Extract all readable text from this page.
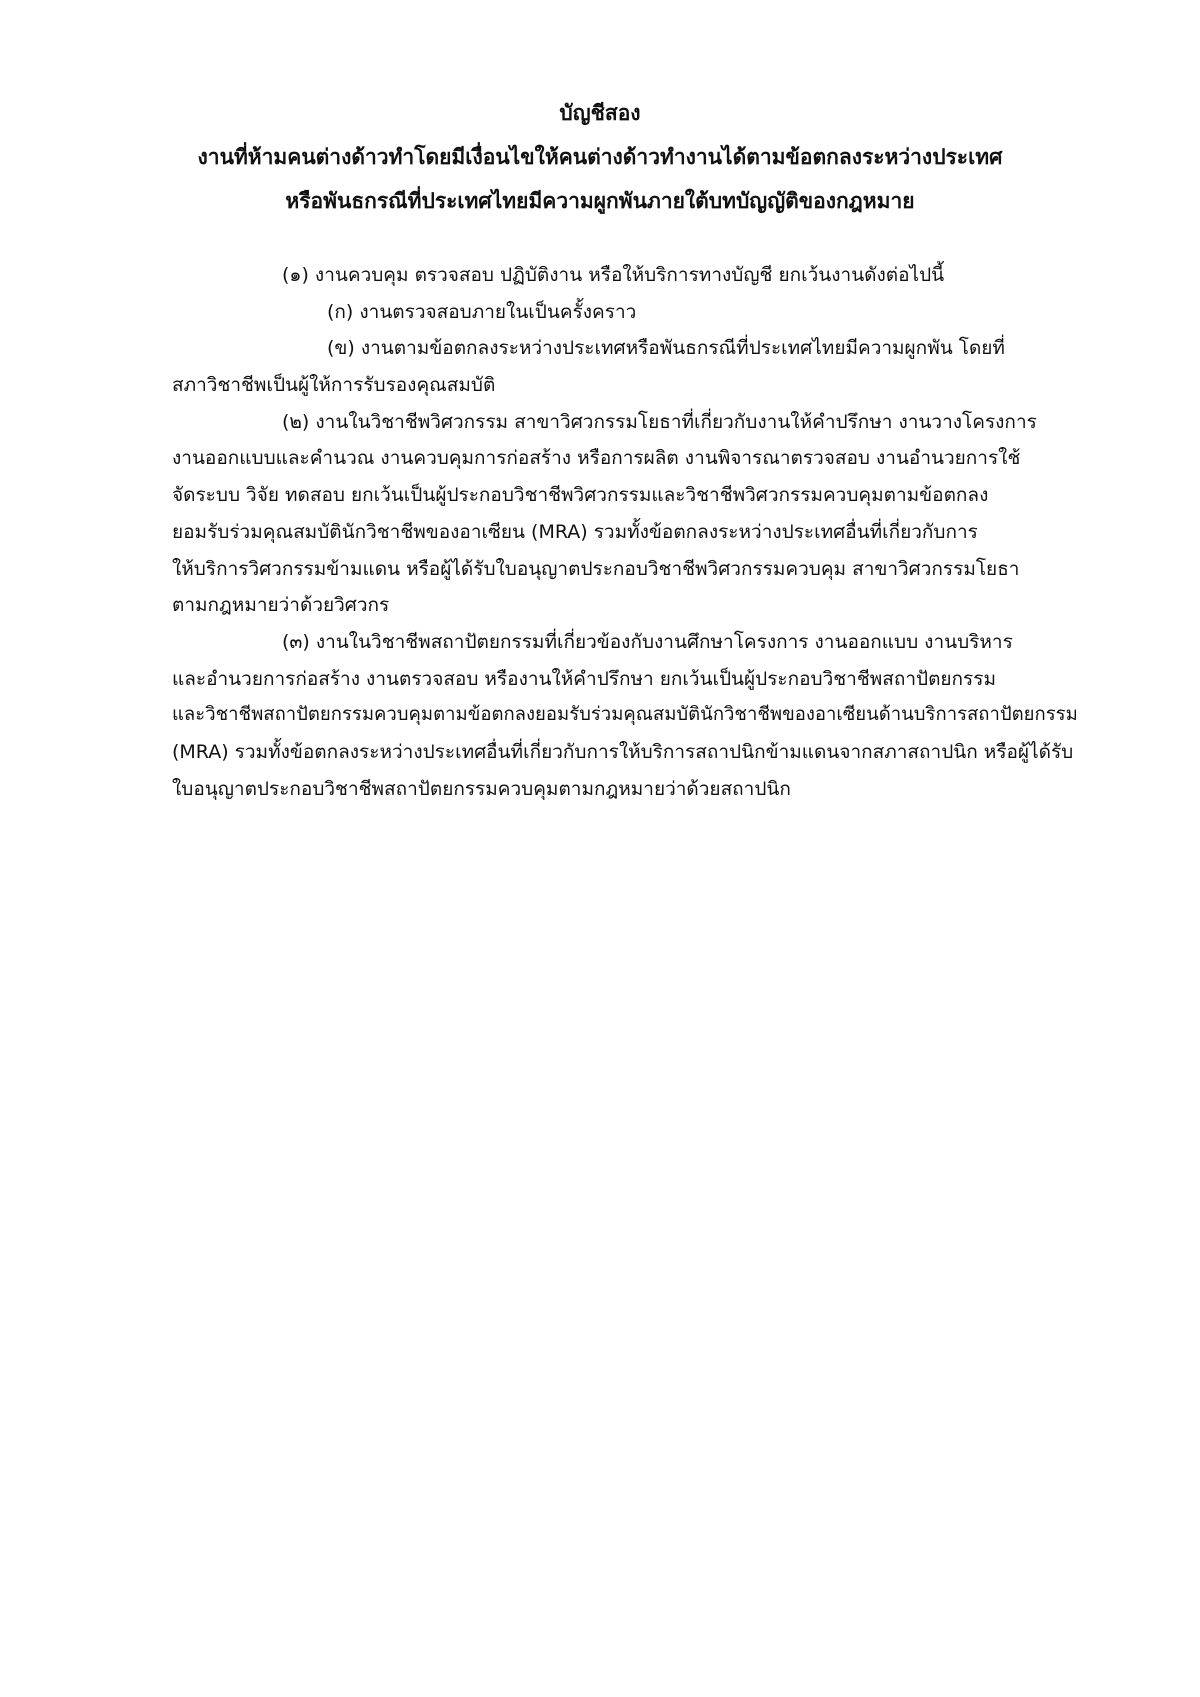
บัญชีสอง
งานที่ห้ามคนต่างด้าวทำโดยมีเงื่อนไขให้คนต่างด้าวทำงานได้ตามข้อตกลงระหว่างประเทศ
หรือพันธกรณีที่ประเทศไทยมีความผูกพันภายใต้บทบัญญัติของกฎหมาย
(๑) งานควบคุม ตรวจสอบ ปฏิบัติงาน หรือให้บริการทางบัญชี ยกเว้นงานดังต่อไปนี้
(ก) งานตรวจสอบภายในเป็นครั้งคราว
(ข) งานตามข้อตกลงระหว่างประเทศหรือพันธกรณีที่ประเทศไทยมีความผูกพัน โดยที่
สภาวิชาชีพเป็นผู้ให้การรับรองคุณสมบัติ
(๒) งานในวิชาชีพวิศวกรรม สาขาวิศวกรรมโยธาที่เกี่ยวกับงานให้คำปรึกษา งานวางโครงการ
งานออกแบบและคำนวณ งานควบคุมการก่อสร้าง หรือการผลิต งานพิจารณาตรวจสอบ งานอำนวยการใช้
จัดระบบ วิจัย ทดสอบ ยกเว้นเป็นผู้ประกอบวิชาชีพวิศวกรรมและวิชาชีพวิศวกรรมควบคุมตามข้อตกลง
ยอมรับร่วมคุณสมบัตินักวิชาชีพของอาเซียน (MRA) รวมทั้งข้อตกลงระหว่างประเทศอื่นที่เกี่ยวกับการ
ให้บริการวิศวกรรมข้ามแดน หรือผู้ได้รับใบอนุญาตประกอบวิชาชีพวิศวกรรมควบคุม สาขาวิศวกรรมโยธา
ตามกฎหมายว่าด้วยวิศวกร
(๓) งานในวิชาชีพสถาปัตยกรรมที่เกี่ยวข้องกับงานศึกษาโครงการ งานออกแบบ งานบริหาร
และอำนวยการก่อสร้าง งานตรวจสอบ หรืองานให้คำปรึกษา ยกเว้นเป็นผู้ประกอบวิชาชีพสถาปัตยกรรม
และวิชาชีพสถาปัตยกรรมควบคุมตามข้อตกลงยอมรับร่วมคุณสมบัตินักวิชาชีพของอาเซียนด้านบริการสถาปัตยกรรม
(MRA) รวมทั้งข้อตกลงระหว่างประเทศอื่นที่เกี่ยวกับการให้บริการสถาปนิกข้ามแดนจากสภาสถาปนิก หรือผู้ได้รับ
ใบอนุญาตประกอบวิชาชีพสถาปัตยกรรมควบคุมตามกฎหมายว่าด้วยสถาปนิก
